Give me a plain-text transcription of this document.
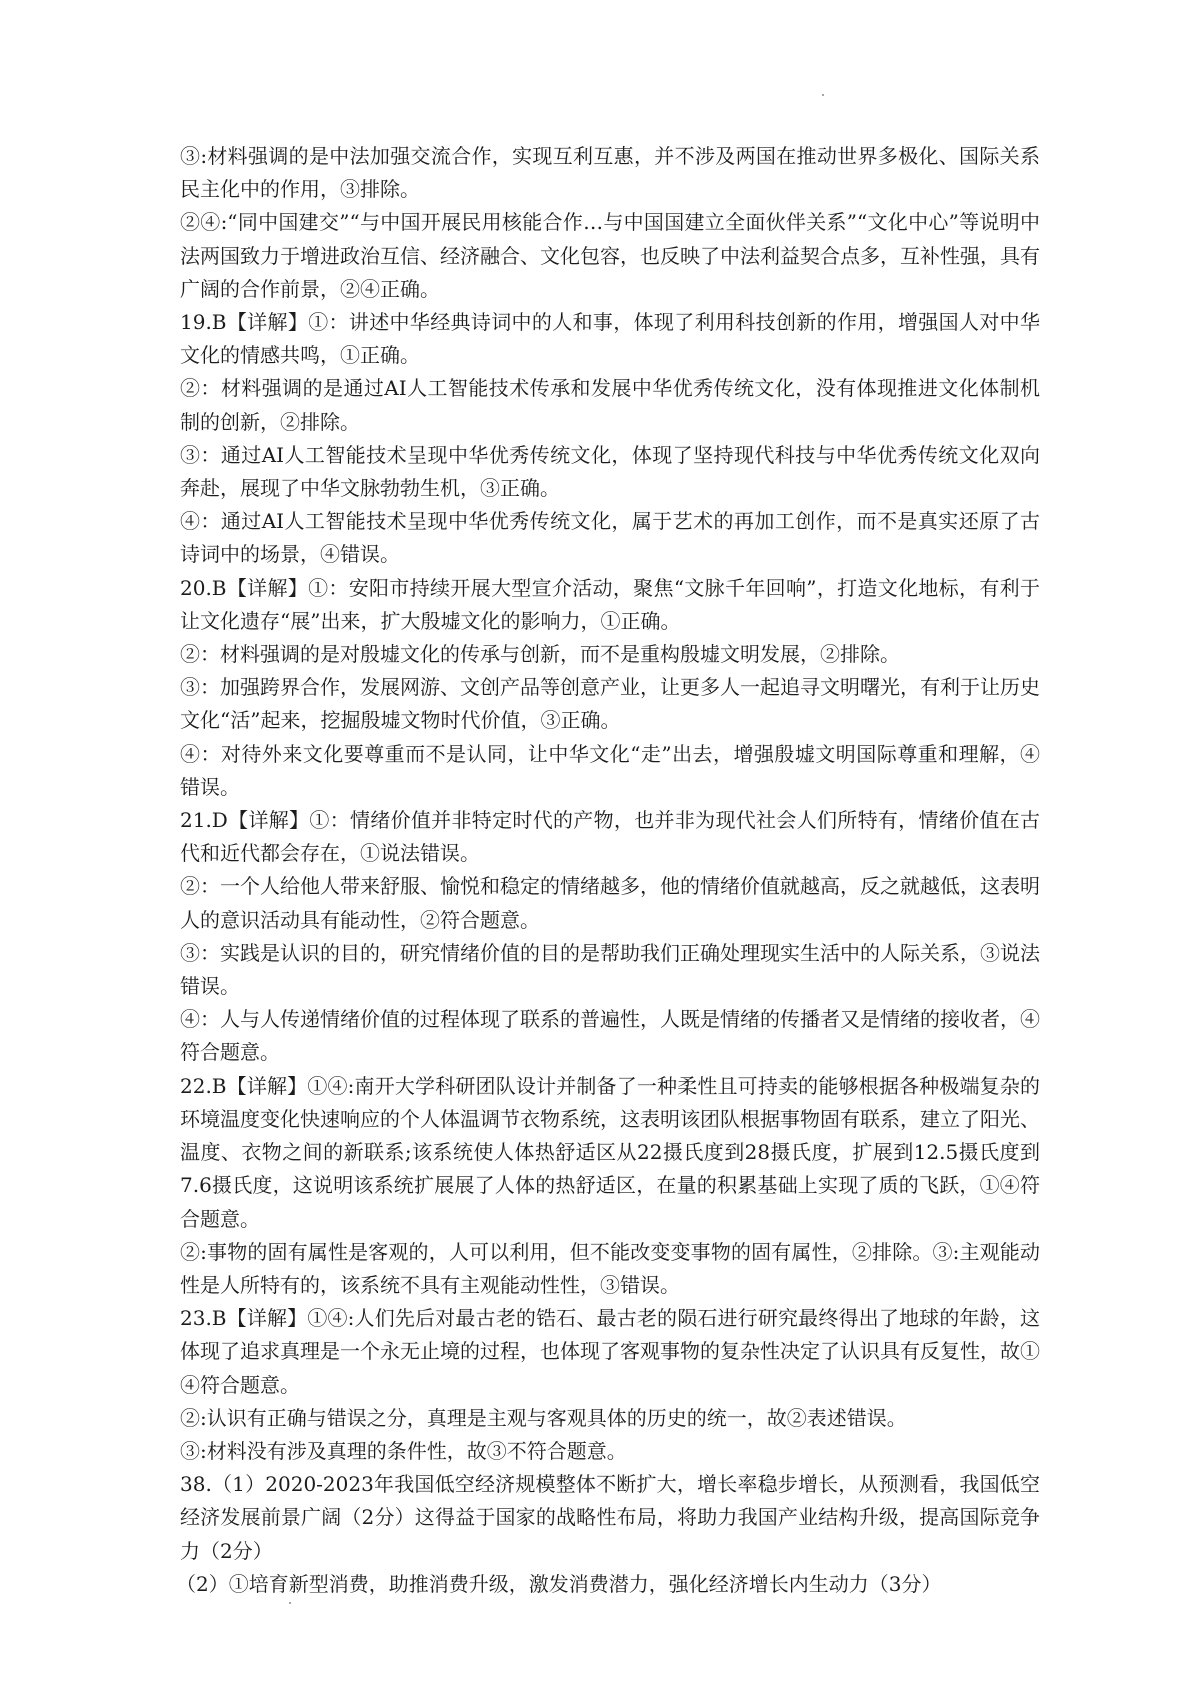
③:材料强调的是中法加强交流合作，实现互利互惠，并不涉及两国在推动世界多极化、国际关系民主化中的作用，③排除。

②④:“同中国建交”“与中国开展民用核能合作…与中国国建立全面伙伴关系”“文化中心”等说明中法两国致力于增进政治互信、经济融合、文化包容，也反映了中法利益契合点多，互补性强，具有广阔的合作前景，②④正确。

19.B【详解】①：讲述中华经典诗词中的人和事，体现了利用科技创新的作用，增强国人对中华文化的情感共鸣，①正确。

②：材料强调的是通过AI人工智能技术传承和发展中华优秀传统文化，没有体现推进文化体制机制的创新，②排除。

③：通过AI人工智能技术呈现中华优秀传统文化，体现了坚持现代科技与中华优秀传统文化双向奔赴，展现了中华文脉勃勃生机，③正确。

④：通过AI人工智能技术呈现中华优秀传统文化，属于艺术的再加工创作，而不是真实还原了古诗词中的场景，④错误。

20.B【详解】①：安阳市持续开展大型宣介活动，聚焦“文脉千年回响”，打造文化地标，有利于让文化遗存“展”出来，扩大殷墟文化的影响力，①正确。

②：材料强调的是对殷墟文化的传承与创新，而不是重构殷墟文明发展，②排除。

③：加强跨界合作，发展网游、文创产品等创意产业，让更多人一起追寻文明曙光，有利于让历史文化“活”起来，挖掘殷墟文物时代价值，③正确。

④：对待外来文化要尊重而不是认同，让中华文化“走”出去，增强殷墟文明国际尊重和理解，④错误。

21.D【详解】①：情绪价值并非特定时代的产物，也并非为现代社会人们所特有，情绪价值在古代和近代都会存在，①说法错误。

②：一个人给他人带来舒服、愉悦和稳定的情绪越多，他的情绪价值就越高，反之就越低，这表明人的意识活动具有能动性，②符合题意。

③：实践是认识的目的，研究情绪价值的目的是帮助我们正确处理现实生活中的人际关系，③说法错误。

④：人与人传递情绪价值的过程体现了联系的普遍性，人既是情绪的传播者又是情绪的接收者，④符合题意。

22.B【详解】①④:南开大学科研团队设计并制备了一种柔性且可持卖的能够根据各种极端复杂的环境温度变化快速响应的个人体温调节衣物系统，这表明该团队根据事物固有联系，建立了阳光、温度、衣物之间的新联系;该系统使人体热舒适区从22摄氏度到28摄氏度，扩展到12.5摄氏度到7.6摄氏度，这说明该系统扩展展了人体的热舒适区，在量的积累基础上实现了质的飞跃，①④符合题意。

②:事物的固有属性是客观的，人可以利用，但不能改变变事物的固有属性，②排除。③:主观能动性是人所特有的，该系统不具有主观能动性性，③错误。

23.B【详解】①④:人们先后对最古老的锆石、最古老的陨石进行研究最终得出了地球的年龄，这体现了追求真理是一个永无止境的过程，也体现了客观事物的复杂性决定了认识具有反复性，故①④符合题意。

②:认识有正确与错误之分，真理是主观与客观具体的历史的统一，故②表述错误。

③:材料没有涉及真理的条件性，故③不符合题意。

38.（1）2020-2023年我国低空经济规模整体不断扩大，增长率稳步增长，从预测看，我国低空经济发展前景广阔（2分）这得益于国家的战略性布局，将助力我国产业结构升级，提高国际竞争力（2分）

（2）①培育新型消费，助推消费升级，激发消费潜力，强化经济增长内生动力（3分）
